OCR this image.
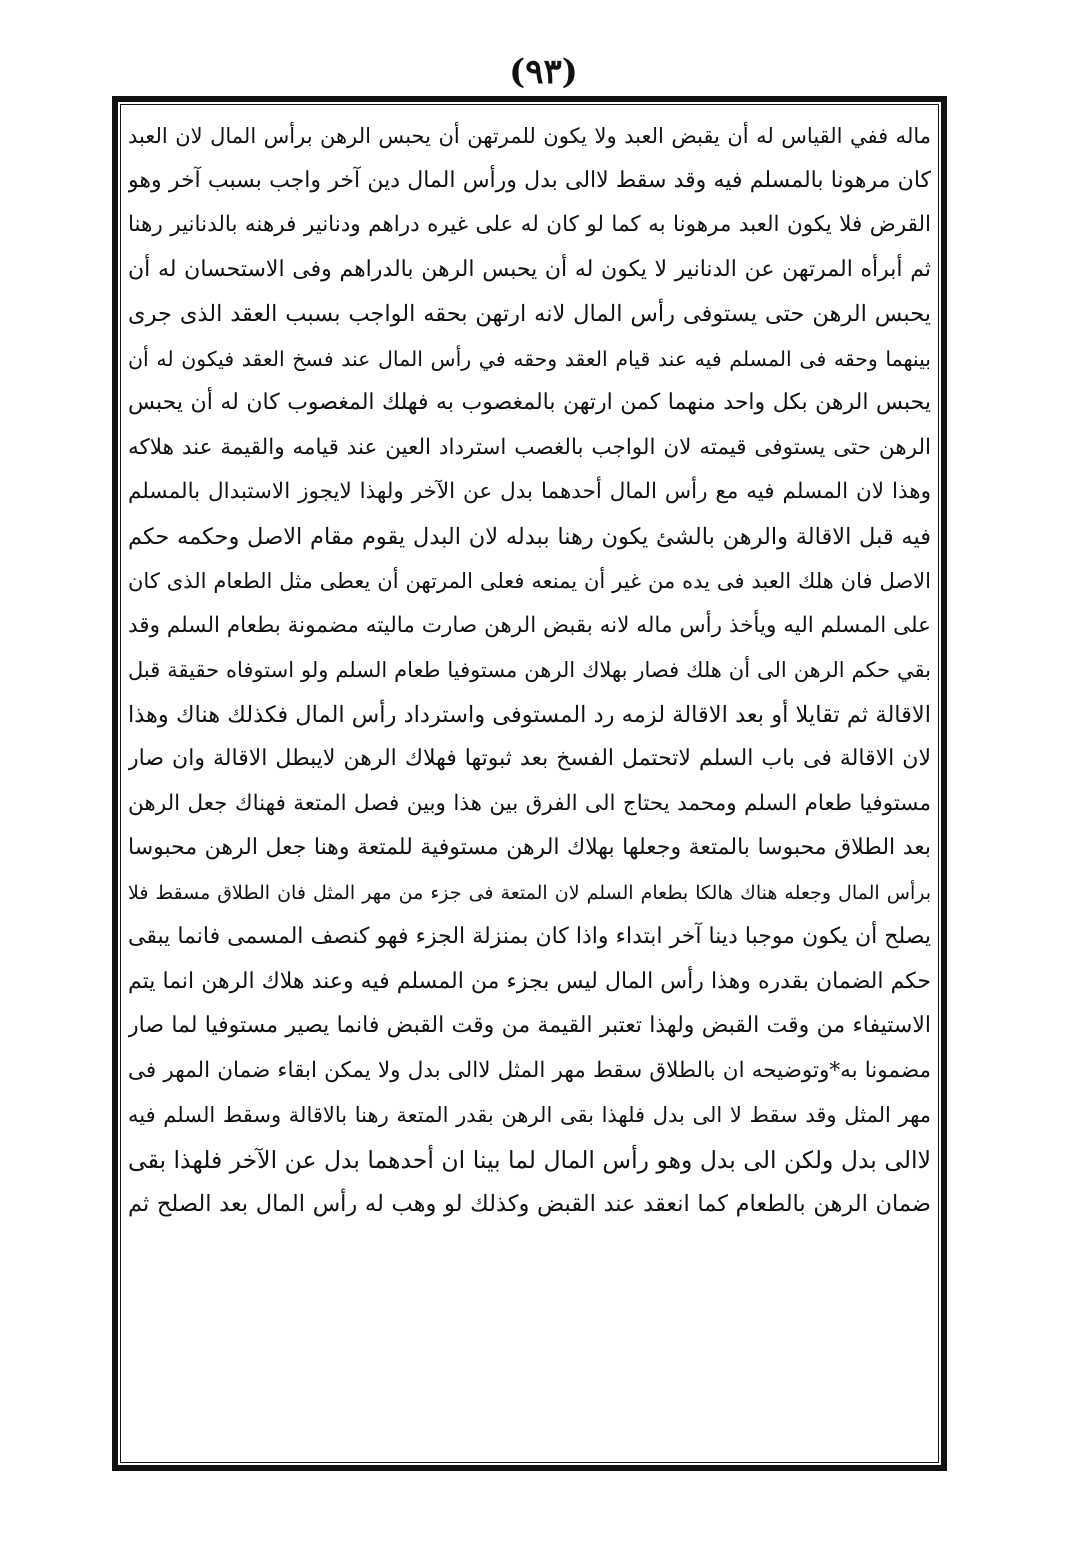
(٩٣)
ماله ففي القياس له أن يقبض العبد ولا يكون للمرتهن أن يحبس الرهن برأس المال لان العبد
كان مرهونا بالمسلم فيه وقد سقط لاالى بدل ورأس المال دين آخر واجب بسبب آخر وهو
القرض فلا يكون العبد مرهونا به كما لو كان له على غيره دراهم ودنانير فرهنه بالدنانير رهنا
ثم أبرأه المرتهن عن الدنانير لا يكون له أن يحبس الرهن بالدراهم وفى الاستحسان له أن
يحبس الرهن حتى يستوفى رأس المال لانه ارتهن بحقه الواجب بسبب العقد الذى جرى
بينهما وحقه فى المسلم فيه عند قيام العقد وحقه في رأس المال عند فسخ العقد فيكون له أن
يحبس الرهن بكل واحد منهما كمن ارتهن بالمغصوب به فهلك المغصوب كان له أن يحبس
الرهن حتى يستوفى قيمته لان الواجب بالغصب استرداد العين عند قيامه والقيمة عند هلاكه
وهذا لان المسلم فيه مع رأس المال أحدهما بدل عن الآخر ولهذا لايجوز الاستبدال بالمسلم
فيه قبل الاقالة والرهن بالشئ يكون رهنا ببدله لان البدل يقوم مقام الاصل وحكمه حكم
الاصل فان هلك العبد فى يده من غير أن يمنعه فعلى المرتهن أن يعطى مثل الطعام الذى كان
على المسلم اليه ويأخذ رأس ماله لانه بقبض الرهن صارت ماليته مضمونة بطعام السلم وقد
بقي حكم الرهن الى أن هلك فصار بهلاك الرهن مستوفيا طعام السلم ولو استوفاه حقيقة قبل
الاقالة ثم تقايلا أو بعد الاقالة لزمه رد المستوفى واسترداد رأس المال فكذلك هناك وهذا
لان الاقالة فى باب السلم لاتحتمل الفسخ بعد ثبوتها فهلاك الرهن لايبطل الاقالة وان صار
مستوفيا طعام السلم ومحمد يحتاج الى الفرق بين هذا وبين فصل المتعة فهناك جعل الرهن
بعد الطلاق محبوسا بالمتعة وجعلها بهلاك الرهن مستوفية للمتعة وهنا جعل الرهن محبوسا
برأس المال وجعله هناك هالكا بطعام السلم لان المتعة فى جزء من مهر المثل فان الطلاق مسقط فلا
يصلح أن يكون موجبا دينا آخر ابتداء واذا كان بمنزلة الجزء فهو كنصف المسمى فانما يبقى
حكم الضمان بقدره وهذا رأس المال ليس بجزء من المسلم فيه وعند هلاك الرهن انما يتم
الاستيفاء من وقت القبض ولهذا تعتبر القيمة من وقت القبض فانما يصير مستوفيا لما صار
مضمونا به*وتوضيحه ان بالطلاق سقط مهر المثل لاالى بدل ولا يمكن ابقاء ضمان المهر فى
مهر المثل وقد سقط لا الى بدل فلهذا بقى الرهن بقدر المتعة رهنا بالاقالة وسقط السلم فيه
لاالى بدل ولكن الى بدل وهو رأس المال لما بينا ان أحدهما بدل عن الآخر فلهذا بقى
ضمان الرهن بالطعام كما انعقد عند القبض وكذلك لو وهب له رأس المال بعد الصلح ثم
